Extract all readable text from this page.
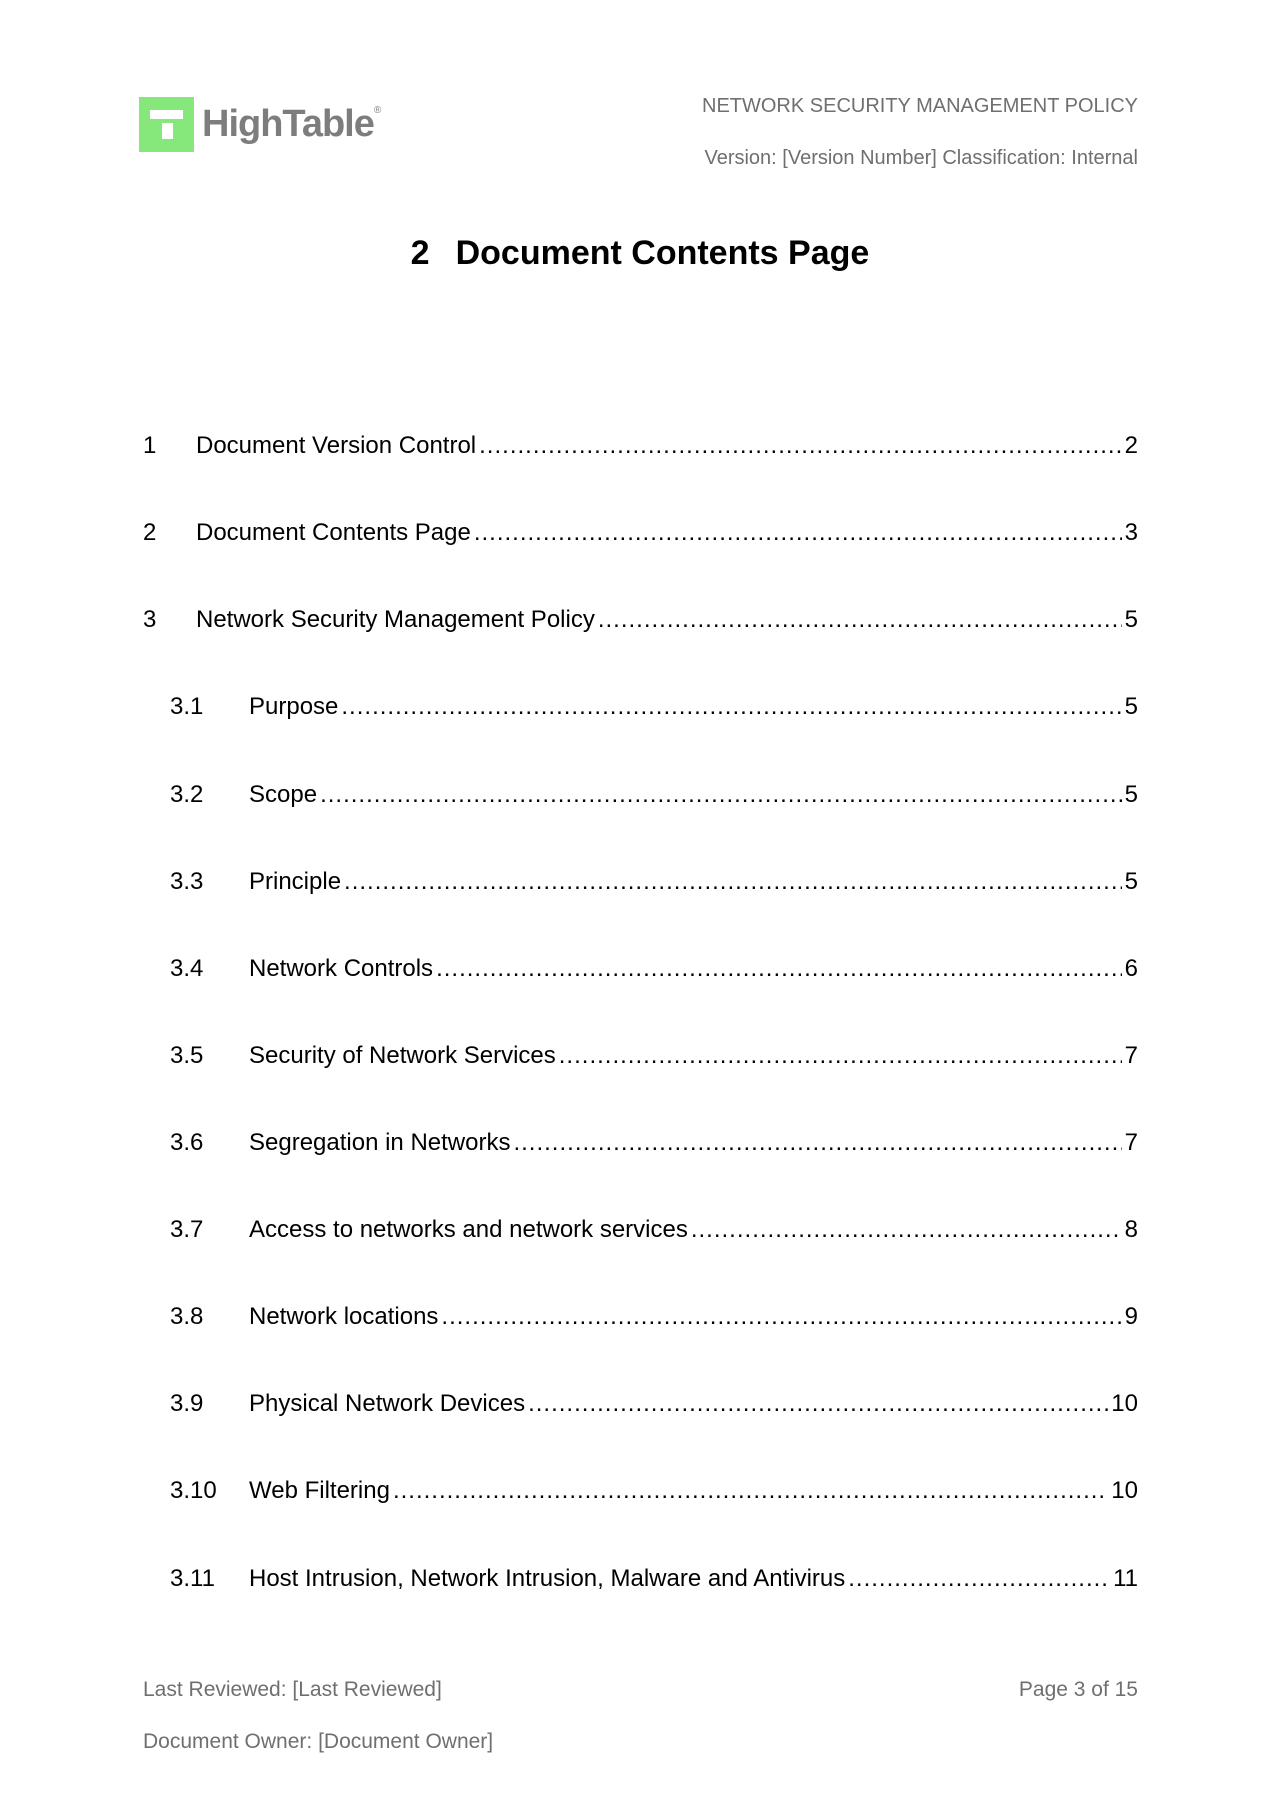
HighTable®	NETWORK SECURITY MANAGEMENT POLICY
Version: [Version Number] Classification: Internal
2 Document Contents Page
1	Document Version Control .....	2
2	Document Contents Page .....	3
3	Network Security Management Policy .....	5
3.1	Purpose .....	5
3.2	Scope .....	5
3.3	Principle .....	5
3.4	Network Controls .....	6
3.5	Security of Network Services .....	7
3.6	Segregation in Networks .....	7
3.7	Access to networks and network services .....	8
3.8	Network locations .....	9
3.9	Physical Network Devices .....	10
3.10	Web Filtering .....	10
3.11	Host Intrusion, Network Intrusion, Malware and Antivirus .....	11
Last Reviewed: [Last Reviewed]
Document Owner: [Document Owner]
Page 3 of 15
